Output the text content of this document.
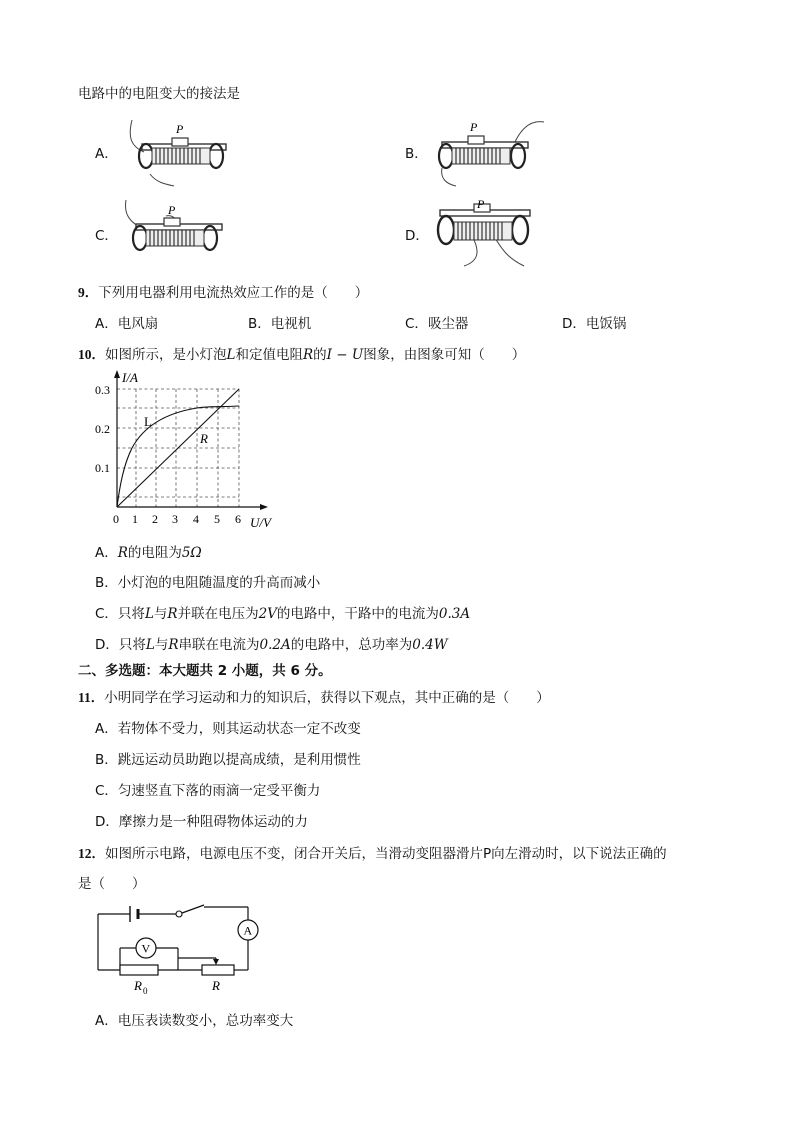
电路中的电阻变大的接法是
A．	B．
C．	D．
P	P
P	P
9．下列用电器利用电流热效应工作的是（　　）
A．电风扇	B．电视机	C．吸尘器	D．电饭锅
10．如图所示，是小灯泡L和定值电阻R的I − U图象，由图象可知（　　）
I/A
U/V
0.1
0.2
0.3
0 1 2 3 4 5 6
L
R
A．R的电阻为5Ω
B．小灯泡的电阻随温度的升高而减小
C．只将L与R并联在电压为2V的电路中，干路中的电流为0.3A
D．只将L与R串联在电流为0.2A的电路中，总功率为0.4W
二、多选题：本大题共 2 小题，共 6 分。
11．小明同学在学习运动和力的知识后，获得以下观点，其中正确的是（　　）
A．若物体不受力，则其运动状态一定不改变
B．跳远运动员助跑以提高成绩，是利用惯性
C．匀速竖直下落的雨滴一定受平衡力
D．摩擦力是一种阻碍物体运动的力
12．如图所示电路，电源电压不变，闭合开关后，当滑动变阻器滑片P向左滑动时，以下说法正确的
是（　　）
A
V
R 0	R
A．电压表读数变小，总功率变大
